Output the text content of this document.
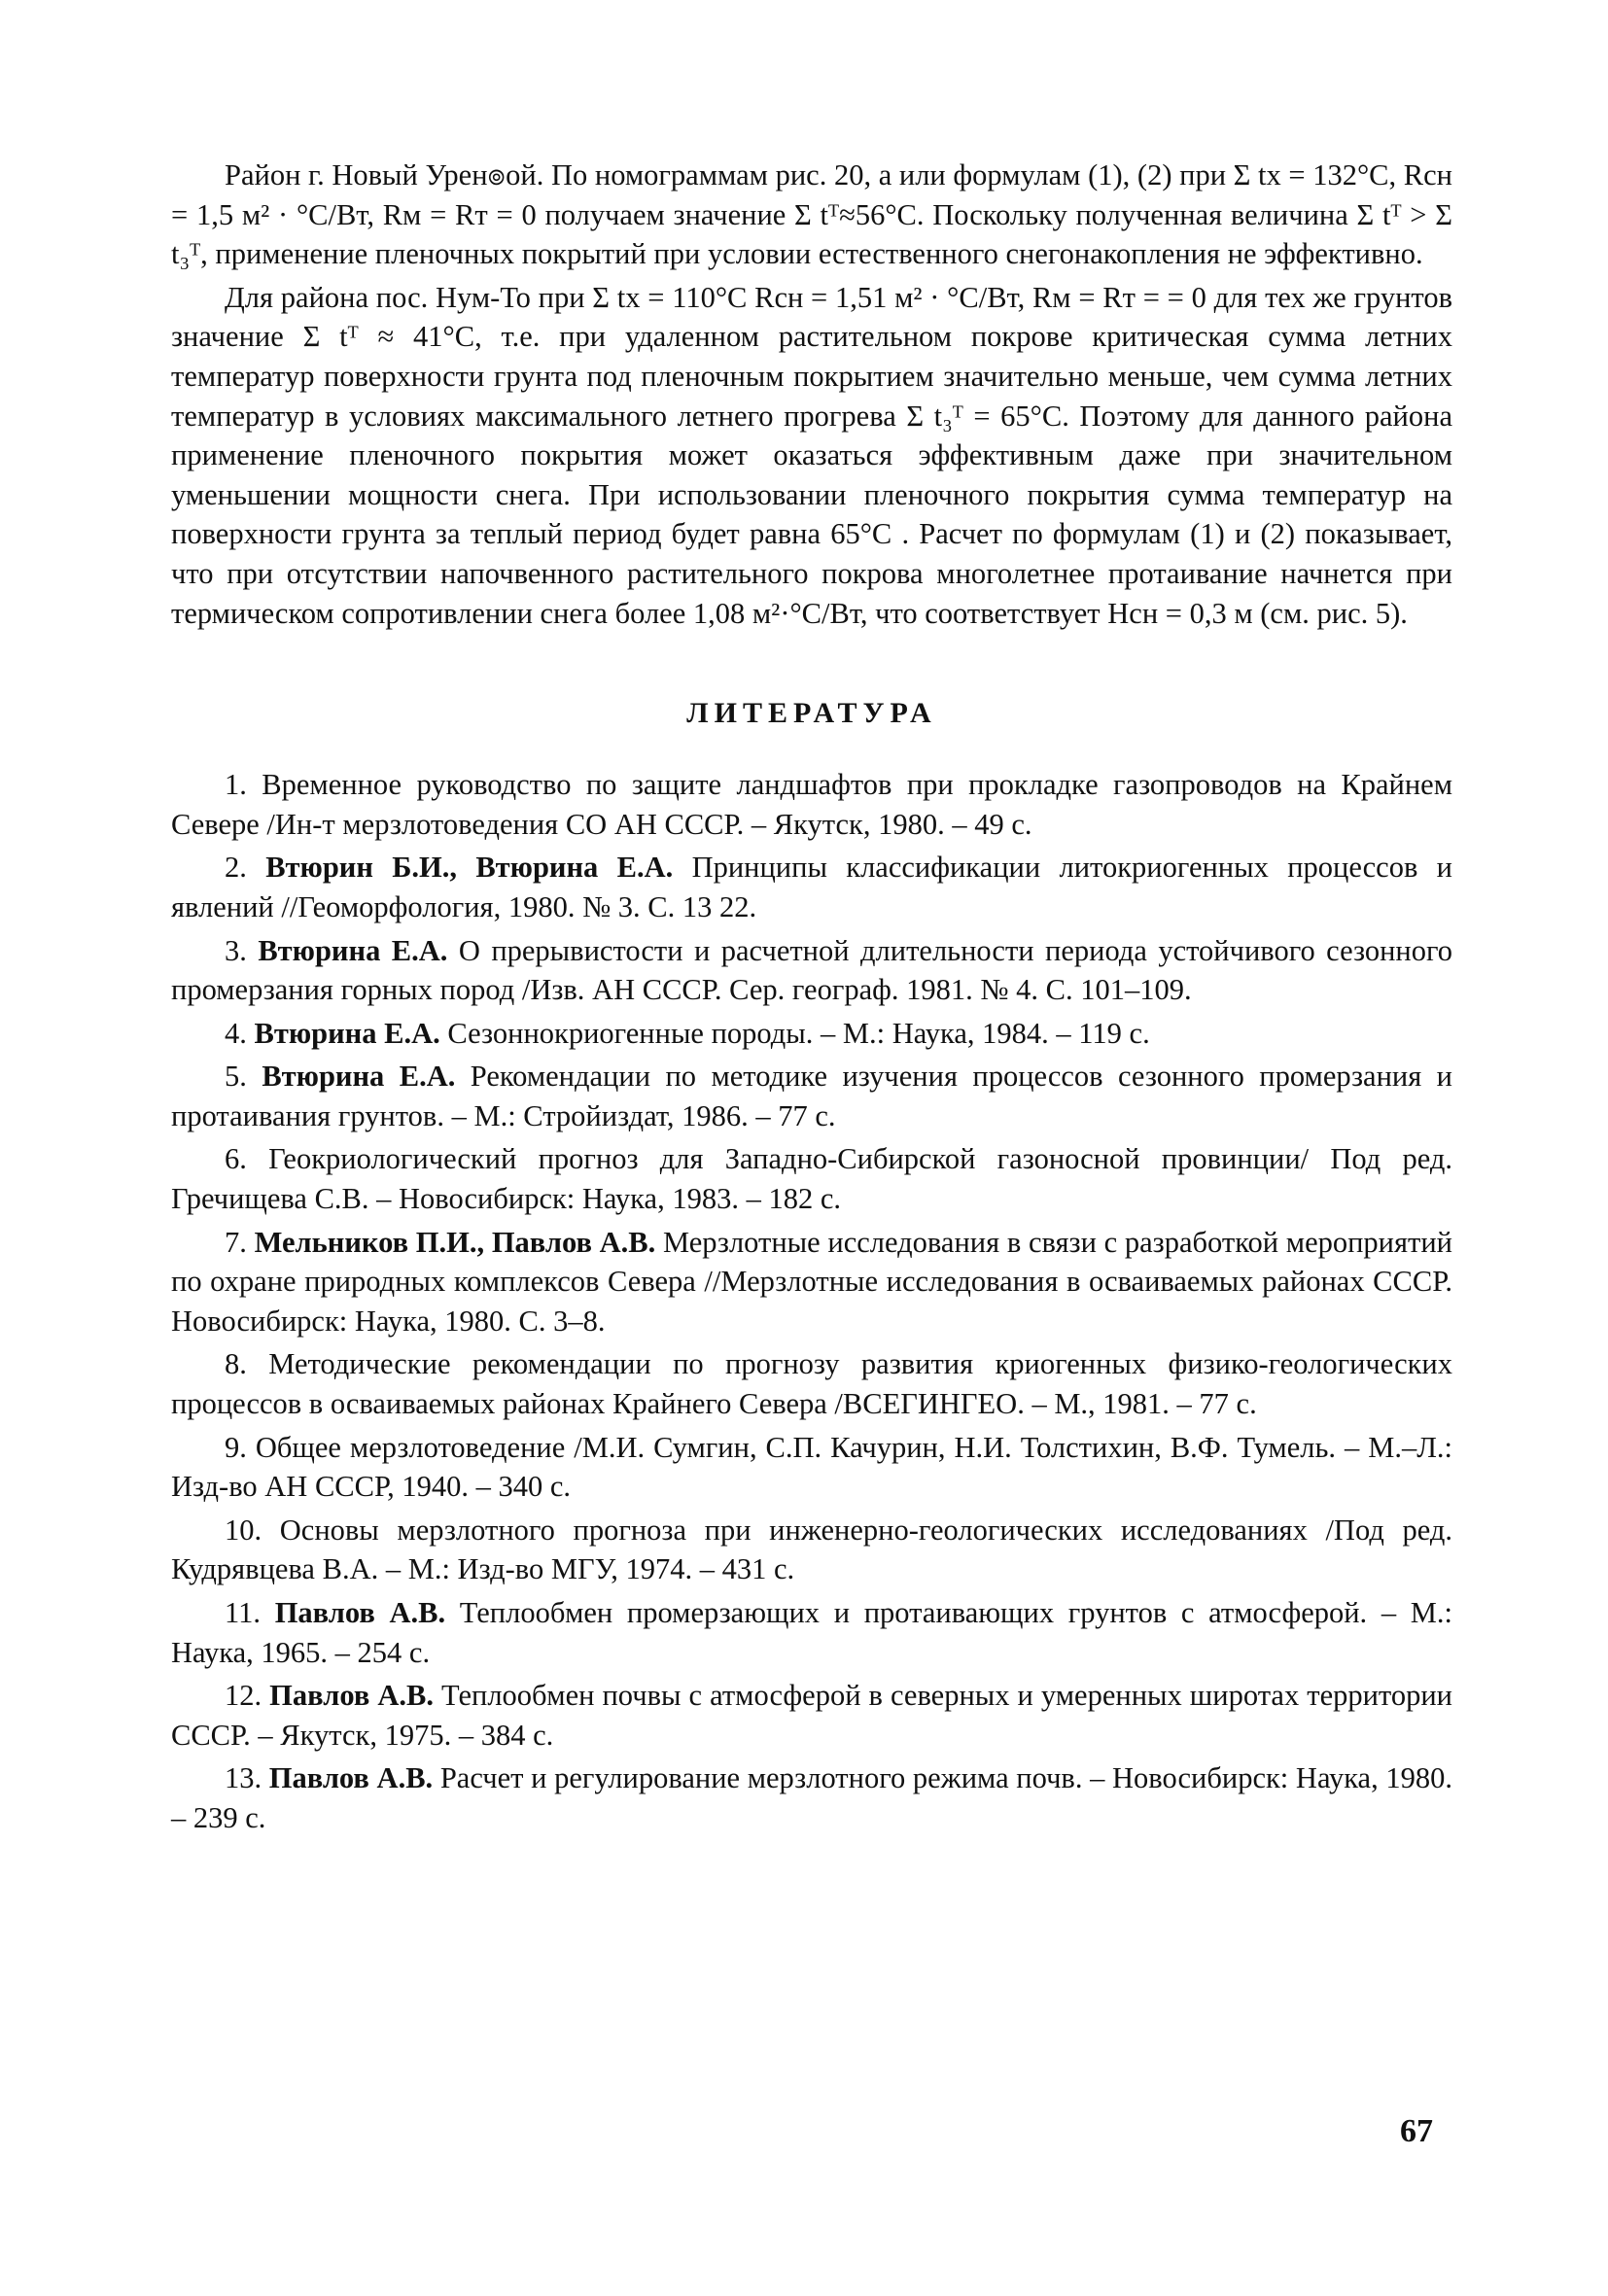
Район г. Новый Урен๏ой. По номограммам рис. 20, а или формулам (1), (2) при Σ tх = 132°C, Rсн = 1,5 м² · °С/Вт, Rм = Rт = 0 получаем значение Σ tᵀ≈56°С. Поскольку полученная величина Σ tᵀ > Σ t₃ᵀ, применение пленочных покрытий при условии естественного снегонакопления не эффективно.

Для района пос. Нум-То при Σ tх = 110°С Rсн = 1,51 м² · °С/Вт, Rм = Rт = = 0 для тех же грунтов значение Σ tᵀ ≈ 41°С, т.е. при удаленном растительном покрове критическая сумма летних температур поверхности грунта под пленочным покрытием значительно меньше, чем сумма летних температур в условиях максимального летнего прогрева Σ t₃ᵀ = 65°С. Поэтому для данного района применение пленочного покрытия может оказаться эффективным даже при значительном уменьшении мощности снега. При использовании пленочного покрытия сумма температур на поверхности грунта за теплый период будет равна 65°С . Расчет по формулам (1) и (2) показывает, что при отсутствии напочвенного растительного покрова многолетнее протаивание начнется при термическом сопротивлении снега более 1,08 м²·°С/Вт, что соответствует Нсн = 0,3 м (см. рис. 5).

ЛИТЕРАТУРА
1. Временное руководство по защите ландшафтов при прокладке газопроводов на Крайнем Севере /Ин-т мерзлотоведения СО АН СССР. – Якутск, 1980. – 49 с.
2. Втюрин Б.И., Втюрина Е.А. Принципы классификации литокриогенных процессов и явлений //Геоморфология, 1980. № 3. С. 13 22.
3. Втюрина Е.А. О прерывистости и расчетной длительности периода устойчивого сезонного промерзания горных пород /Изв. АН СССР. Сер. географ. 1981. № 4. С. 101–109.
4. Втюрина Е.А. Сезоннокриогенные породы. – М.: Наука, 1984. – 119 с.
5. Втюрина Е.А. Рекомендации по методике изучения процессов сезонного промерзания и протаивания грунтов. – М.: Стройиздат, 1986. – 77 с.
6. Геокриологический прогноз для Западно-Сибирской газоносной провинции/ Под ред. Гречищева С.В. – Новосибирск: Наука, 1983. – 182 с.
7. Мельников П.И., Павлов А.В. Мерзлотные исследования в связи с разработкой мероприятий по охране природных комплексов Севера //Мерзлотные исследования в осваиваемых районах СССР. Новосибирск: Наука, 1980. С. 3–8.
8. Методические рекомендации по прогнозу развития криогенных физико-геологических процессов в осваиваемых районах Крайнего Севера /ВСЕГИНГЕО. – М., 1981. – 77 с.
9. Общее мерзлотоведение /М.И. Сумгин, С.П. Качурин, Н.И. Толстихин, В.Ф. Тумель. – М.–Л.: Изд-во АН СССР, 1940. – 340 с.
10. Основы мерзлотного прогноза при инженерно-геологических исследованиях /Под ред. Кудрявцева В.А. – М.: Изд-во МГУ, 1974. – 431 с.
11. Павлов А.В. Теплообмен промерзающих и протаивающих грунтов с атмосферой. – М.: Наука, 1965. – 254 с.
12. Павлов А.В. Теплообмен почвы с атмосферой в северных и умеренных широтах территории СССР. – Якутск, 1975. – 384 с.
13. Павлов А.В. Расчет и регулирование мерзлотного режима почв. – Новосибирск: Наука, 1980. – 239 с.
67
